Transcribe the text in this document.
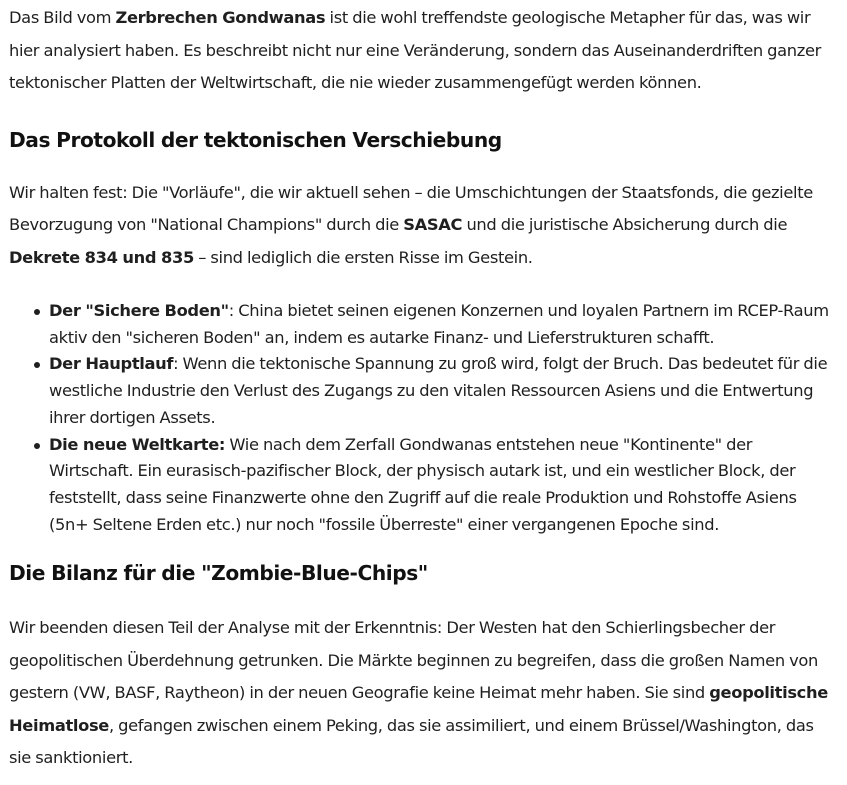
Das Bild vom Zerbrechen Gondwanas ist die wohl treffendste geologische Metapher für das, was wir hier analysiert haben. Es beschreibt nicht nur eine Veränderung, sondern das Auseinanderdriften ganzer tektonischer Platten der Weltwirtschaft, die nie wieder zusammengefügt werden können.

Das Protokoll der tektonischen Verschiebung

Wir halten fest: Die "Vorläufe", die wir aktuell sehen – die Umschichtungen der Staatsfonds, die gezielte Bevorzugung von "National Champions" durch die SASAC und die juristische Absicherung durch die Dekrete 834 und 835 – sind lediglich die ersten Risse im Gestein.

Der "Sichere Boden": China bietet seinen eigenen Konzernen und loyalen Partnern im RCEP-Raum aktiv den "sicheren Boden" an, indem es autarke Finanz- und Lieferstrukturen schafft.
Der Hauptlauf: Wenn die tektonische Spannung zu groß wird, folgt der Bruch. Das bedeutet für die westliche Industrie den Verlust des Zugangs zu den vitalen Ressourcen Asiens und die Entwertung ihrer dortigen Assets.
Die neue Weltkarte: Wie nach dem Zerfall Gondwanas entstehen neue "Kontinente" der Wirtschaft. Ein eurasisch-pazifischer Block, der physisch autark ist, und ein westlicher Block, der feststellt, dass seine Finanzwerte ohne den Zugriff auf die reale Produktion und Rohstoffe Asiens (5n+ Seltene Erden etc.) nur noch "fossile Überreste" einer vergangenen Epoche sind.
Die Bilanz für die "Zombie-Blue-Chips"

Wir beenden diesen Teil der Analyse mit der Erkenntnis: Der Westen hat den Schierlingsbecher der geopolitischen Überdehnung getrunken. Die Märkte beginnen zu begreifen, dass die großen Namen von gestern (VW, BASF, Raytheon) in der neuen Geografie keine Heimat mehr haben. Sie sind geopolitische Heimatlose, gefangen zwischen einem Peking, das sie assimiliert, und einem Brüssel/Washington, das sie sanktioniert.
